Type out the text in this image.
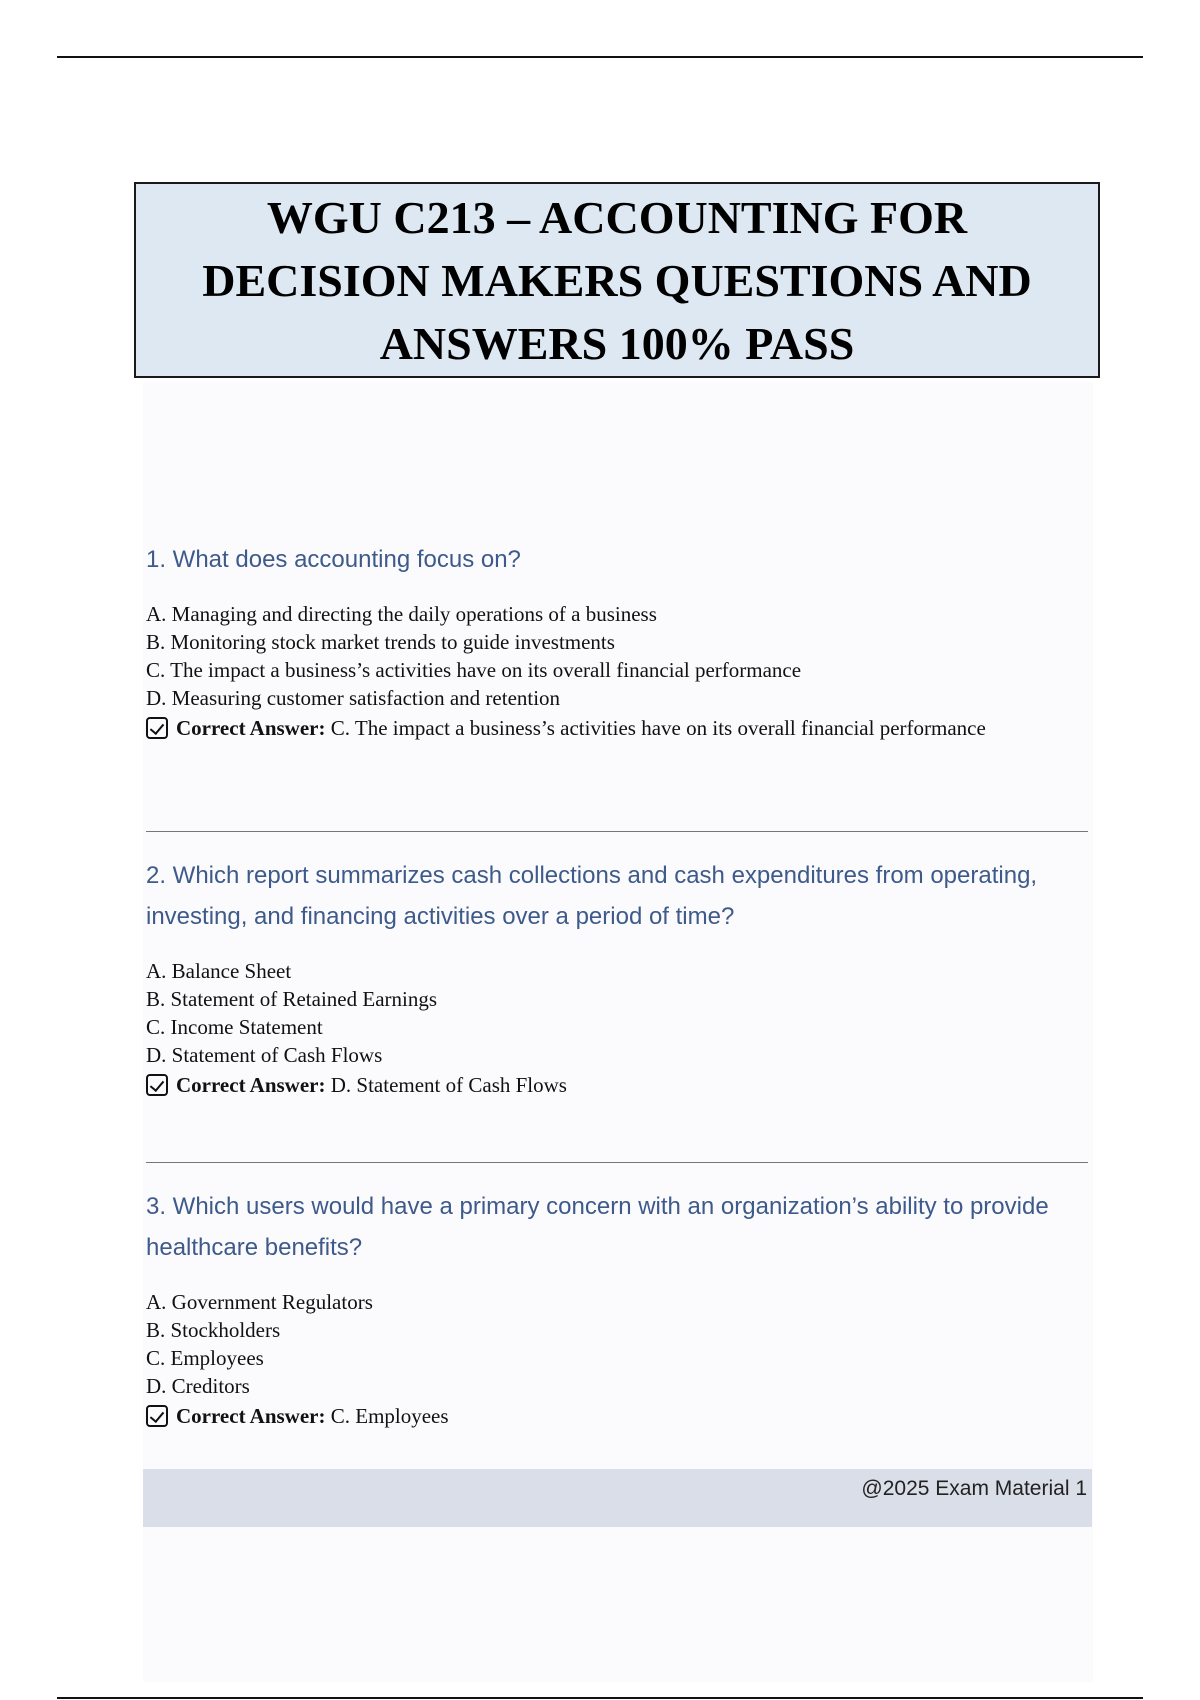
WGU C213 – ACCOUNTING FOR DECISION MAKERS QUESTIONS AND ANSWERS 100% PASS
1. What does accounting focus on?
A. Managing and directing the daily operations of a business
B. Monitoring stock market trends to guide investments
C. The impact a business’s activities have on its overall financial performance
D. Measuring customer satisfaction and retention
Correct Answer: C. The impact a business’s activities have on its overall financial performance
2. Which report summarizes cash collections and cash expenditures from operating, investing, and financing activities over a period of time?
A. Balance Sheet
B. Statement of Retained Earnings
C. Income Statement
D. Statement of Cash Flows
Correct Answer: D. Statement of Cash Flows
3. Which users would have a primary concern with an organization’s ability to provide healthcare benefits?
A. Government Regulators
B. Stockholders
C. Employees
D. Creditors
Correct Answer: C. Employees
@2025 Exam Material 1
